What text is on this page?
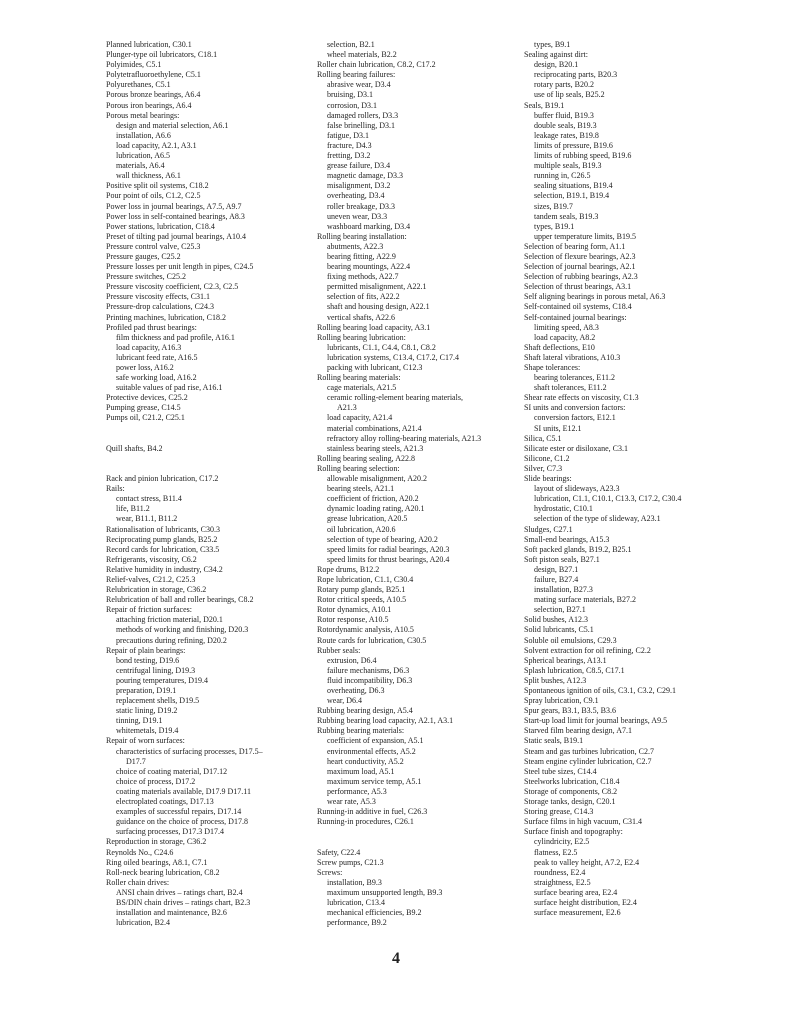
Planned lubrication, C30.1
Plunger-type oil lubricators, C18.1
Polyimides, C5.1
Polytetrafluoroethylene, C5.1
Polyurethanes, C5.1
Porous bronze bearings, A6.4
Porous iron bearings, A6.4
Porous metal bearings:
design and material selection, A6.1
installation, A6.6
load capacity, A2.1, A3.1
lubrication, A6.5
materials, A6.4
wall thickness, A6.1
Positive split oil systems, C18.2
Pour point of oils, C1.2, C2.5
Power loss in journal bearings, A7.5, A9.7
Power loss in self-contained bearings, A8.3
Power stations, lubrication, C18.4
Preset of tilting pad journal bearings, A10.4
Pressure control valve, C25.3
Pressure gauges, C25.2
Pressure losses per unit length in pipes, C24.5
Pressure switches, C25.2
Pressure viscosity coefficient, C2.3, C2.5
Pressure viscosity effects, C31.1
Pressure-drop calculations, C24.3
Printing machines, lubrication, C18.2
Profiled pad thrust bearings:
film thickness and pad profile, A16.1
load capacity, A16.3
lubricant feed rate, A16.5
power loss, A16.2
safe working load, A16.2
suitable values of pad rise, A16.1
Protective devices, C25.2
Pumping grease, C14.5
Pumps oil, C21.2, C25.1
Quill shafts, B4.2
Rack and pinion lubrication, C17.2
Rails:
contact stress, B11.4
life, B11.2
wear, B11.1, B11.2
Rationalisation of lubricants, C30.3
Reciprocating pump glands, B25.2
Record cards for lubrication, C33.5
Refrigerants, viscosity, C6.2
Relative humidity in industry, C34.2
Relief-valves, C21.2, C25.3
Relubrication in storage, C36.2
Relubrication of ball and roller bearings, C8.2
Repair of friction surfaces:
attaching friction material, D20.1
methods of working and finishing, D20.3
precautions during refining, D20.2
Repair of plain bearings:
bond testing, D19.6
centrifugal lining, D19.3
pouring temperatures, D19.4
preparation, D19.1
replacement shells, D19.5
static lining, D19.2
tinning, D19.1
whitemetals, D19.4
Repair of worn surfaces:
characteristics of surfacing processes, D17.5–
D17.7
choice of coating material, D17.12
choice of process, D17.2
coating materials available, D17.9 D17.11
electroplated coatings, D17.13
examples of successful repairs, D17.14
guidance on the choice of process, D17.8
surfacing processes, D17.3 D17.4
Reproduction in storage, C36.2
Reynolds No., C24.6
Ring oiled bearings, A8.1, C7.1
Roll-neck bearing lubrication, C8.2
Roller chain drives:
ANSI chain drives – ratings chart, B2.4
BS/DIN chain drives – ratings chart, B2.3
installation and maintenance, B2.6
lubrication, B2.4
selection, B2.1
wheel materials, B2.2
Roller chain lubrication, C8.2, C17.2
Rolling bearing failures:
abrasive wear, D3.4
bruising, D3.1
corrosion, D3.1
damaged rollers, D3.3
false brinelling, D3.1
fatigue, D3.1
fracture, D4.3
fretting, D3.2
grease failure, D3.4
magnetic damage, D3.3
misalignment, D3.2
overheating, D3.4
roller breakage, D3.3
uneven wear, D3.3
washboard marking, D3.4
Rolling bearing installation:
abutments, A22.3
bearing fitting, A22.9
bearing mountings, A22.4
fixing methods, A22.7
permitted misalignment, A22.1
selection of fits, A22.2
shaft and housing design, A22.1
vertical shafts, A22.6
Rolling bearing load capacity, A3.1
Rolling bearing lubrication:
lubricants, C1.1, C4.4, C8.1, C8.2
lubrication systems, C13.4, C17.2, C17.4
packing with lubricant, C12.3
Rolling bearing materials:
cage materials, A21.5
ceramic rolling-element bearing materials,
A21.3
load capacity, A21.4
material combinations, A21.4
refractory alloy rolling-bearing materials, A21.3
stainless bearing steels, A21.3
Rolling bearing sealing, A22.8
Rolling bearing selection:
allowable misalignment, A20.2
bearing steels, A21.1
coefficient of friction, A20.2
dynamic loading rating, A20.1
grease lubrication, A20.5
oil lubrication, A20.6
selection of type of bearing, A20.2
speed limits for radial bearings, A20.3
speed limits for thrust bearings, A20.4
Rope drums, B12.2
Rope lubrication, C1.1, C30.4
Rotary pump glands, B25.1
Rotor critical speeds, A10.5
Rotor dynamics, A10.1
Rotor response, A10.5
Rotordynamic analysis, A10.5
Route cards for lubrication, C30.5
Rubber seals:
extrusion, D6.4
failure mechanisms, D6.3
fluid incompatibility, D6.3
overheating, D6.3
wear, D6.4
Rubbing bearing design, A5.4
Rubbing bearing load capacity, A2.1, A3.1
Rubbing bearing materials:
coefficient of expansion, A5.1
environmental effects, A5.2
heart conductivity, A5.2
maximum load, A5.1
maximum service temp, A5.1
performance, A5.3
wear rate, A5.3
Running-in additive in fuel, C26.3
Running-in procedures, C26.1
Safety, C22.4
Screw pumps, C21.3
Screws:
installation, B9.3
maximum unsupported length, B9.3
lubrication, C13.4
mechanical efficiencies, B9.2
performance, B9.2
types, B9.1
Sealing against dirt:
design, B20.1
reciprocating parts, B20.3
rotary parts, B20.2
use of lip seals, B25.2
Seals, B19.1
buffer fluid, B19.3
double seals, B19.3
leakage rates, B19.8
limits of pressure, B19.6
limits of rubbing speed, B19.6
multiple seals, B19.3
running in, C26.5
sealing situations, B19.4
selection, B19.1, B19.4
sizes, B19.7
tandem seals, B19.3
types, B19.1
upper temperature limits, B19.5
Selection of bearing form, A1.1
Selection of flexure bearings, A2.3
Selection of journal bearings, A2.1
Selection of rubbing bearings, A2.3
Selection of thrust bearings, A3.1
Self aligning bearings in porous metal, A6.3
Self-contained oil systems, C18.4
Self-contained journal bearings:
limiting speed, A8.3
load capacity, A8.2
Shaft deflections, E10
Shaft lateral vibrations, A10.3
Shape tolerances:
bearing tolerances, E11.2
shaft tolerances, E11.2
Shear rate effects on viscosity, C1.3
SI units and conversion factors:
conversion factors, E12.1
SI units, E12.1
Silica, C5.1
Silicate ester or disiloxane, C3.1
Silicone, C1.2
Silver, C7.3
Slide bearings:
layout of slideways, A23.3
lubrication, C1.1, C10.1, C13.3, C17.2, C30.4
hydrostatic, C10.1
selection of the type of slideway, A23.1
Sludges, C27.1
Small-end bearings, A15.3
Soft packed glands, B19.2, B25.1
Soft piston seals, B27.1
design, B27.1
failure, B27.4
installation, B27.3
mating surface materials, B27.2
selection, B27.1
Solid bushes, A12.3
Solid lubricants, C5.1
Soluble oil emulsions, C29.3
Solvent extraction for oil refining, C2.2
Spherical bearings, A13.1
Splash lubrication, C8.5, C17.1
Split bushes, A12.3
Spontaneous ignition of oils, C3.1, C3.2, C29.1
Spray lubrication, C9.1
Spur gears, B3.1, B3.5, B3.6
Start-up load limit for journal bearings, A9.5
Starved film bearing design, A7.1
Static seals, B19.1
Steam and gas turbines lubrication, C2.7
Steam engine cylinder lubrication, C2.7
Steel tube sizes, C14.4
Steelworks lubrication, C18.4
Storage of components, C8.2
Storage tanks, design, C20.1
Storing grease, C14.3
Surface films in high vacuum, C31.4
Surface finish and topography:
cylindricity, E2.5
flatness, E2.5
peak to valley height, A7.2, E2.4
roundness, E2.4
straightness, E2.5
surface bearing area, E2.4
surface height distribution, E2.4
surface measurement, E2.6
4
